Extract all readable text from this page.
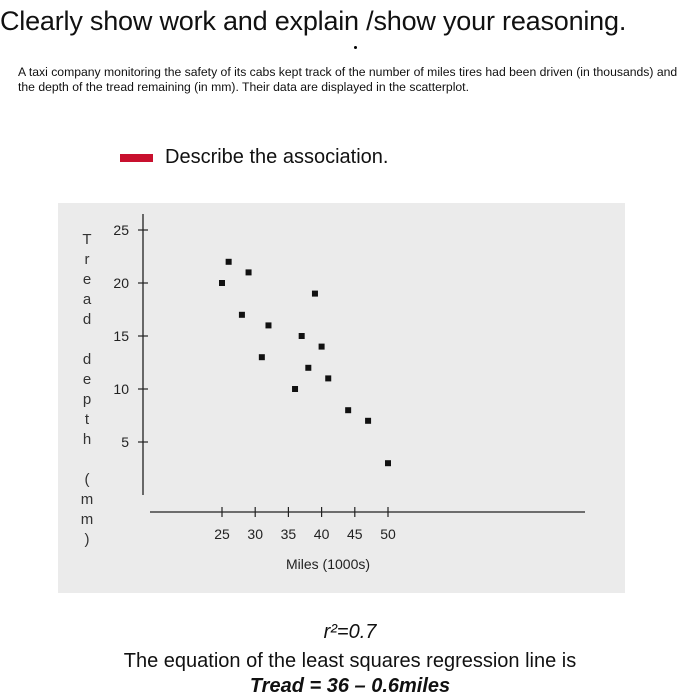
Clearly show work and explain /show your reasoning.
A taxi company monitoring the safety of its cabs kept track of the number of miles tires had been driven (in thousands) and the depth of the tread remaining (in mm). Their data are displayed in the scatterplot.
Describe the association.
T
r
e
a
d

d
e
p
t
h

(
m
m
)
5
10
15
20
25
25 30 35 40 45 50
Miles (1000s)
r²=0.7
The equation of the least squares regression line is
Tread = 36 – 0.6miles
